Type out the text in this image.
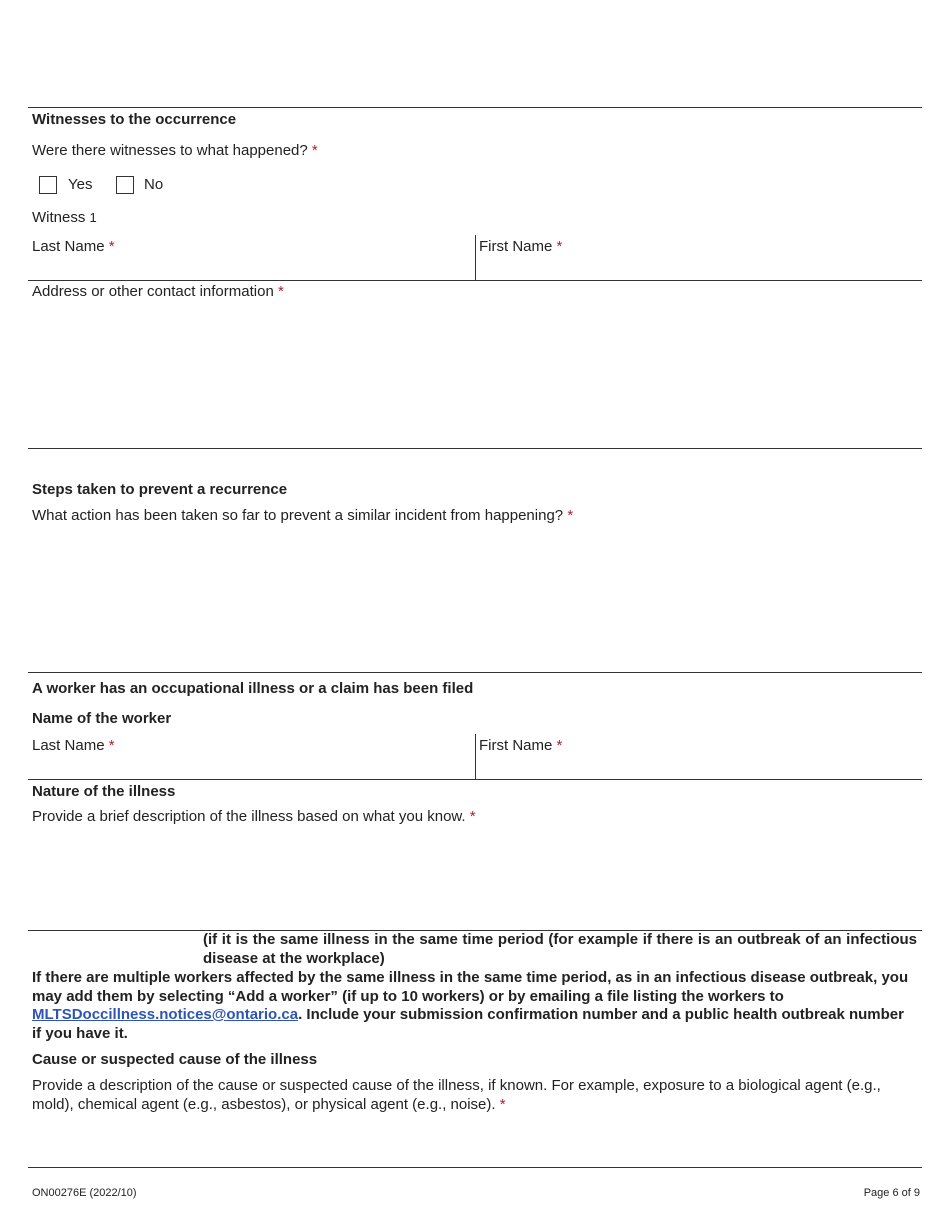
Witnesses to the occurrence
Were there witnesses to what happened? *
Yes	No
Witness 1
Last Name *	First Name *
Address or other contact information *
Steps taken to prevent a recurrence
What action has been taken so far to prevent a similar incident from happening? *
A worker has an occupational illness or a claim has been filed
Name of the worker
Last Name *	First Name *
Nature of the illness
Provide a brief description of the illness based on what you know. *
(if it is the same illness in the same time period (for example if there is an outbreak of an infectious disease at the workplace)
If there are multiple workers affected by the same illness in the same time period, as in an infectious disease outbreak, you may add them by selecting “Add a worker” (if up to 10 workers) or by emailing a file listing the workers to MLTSDoccillness.notices@ontario.ca. Include your submission confirmation number and a public health outbreak number if you have it.
Cause or suspected cause of the illness
Provide a description of the cause or suspected cause of the illness, if known. For example, exposure to a biological agent (e.g., mold), chemical agent (e.g., asbestos), or physical agent (e.g., noise). *
ON00276E (2022/10)	Page 6 of 9
